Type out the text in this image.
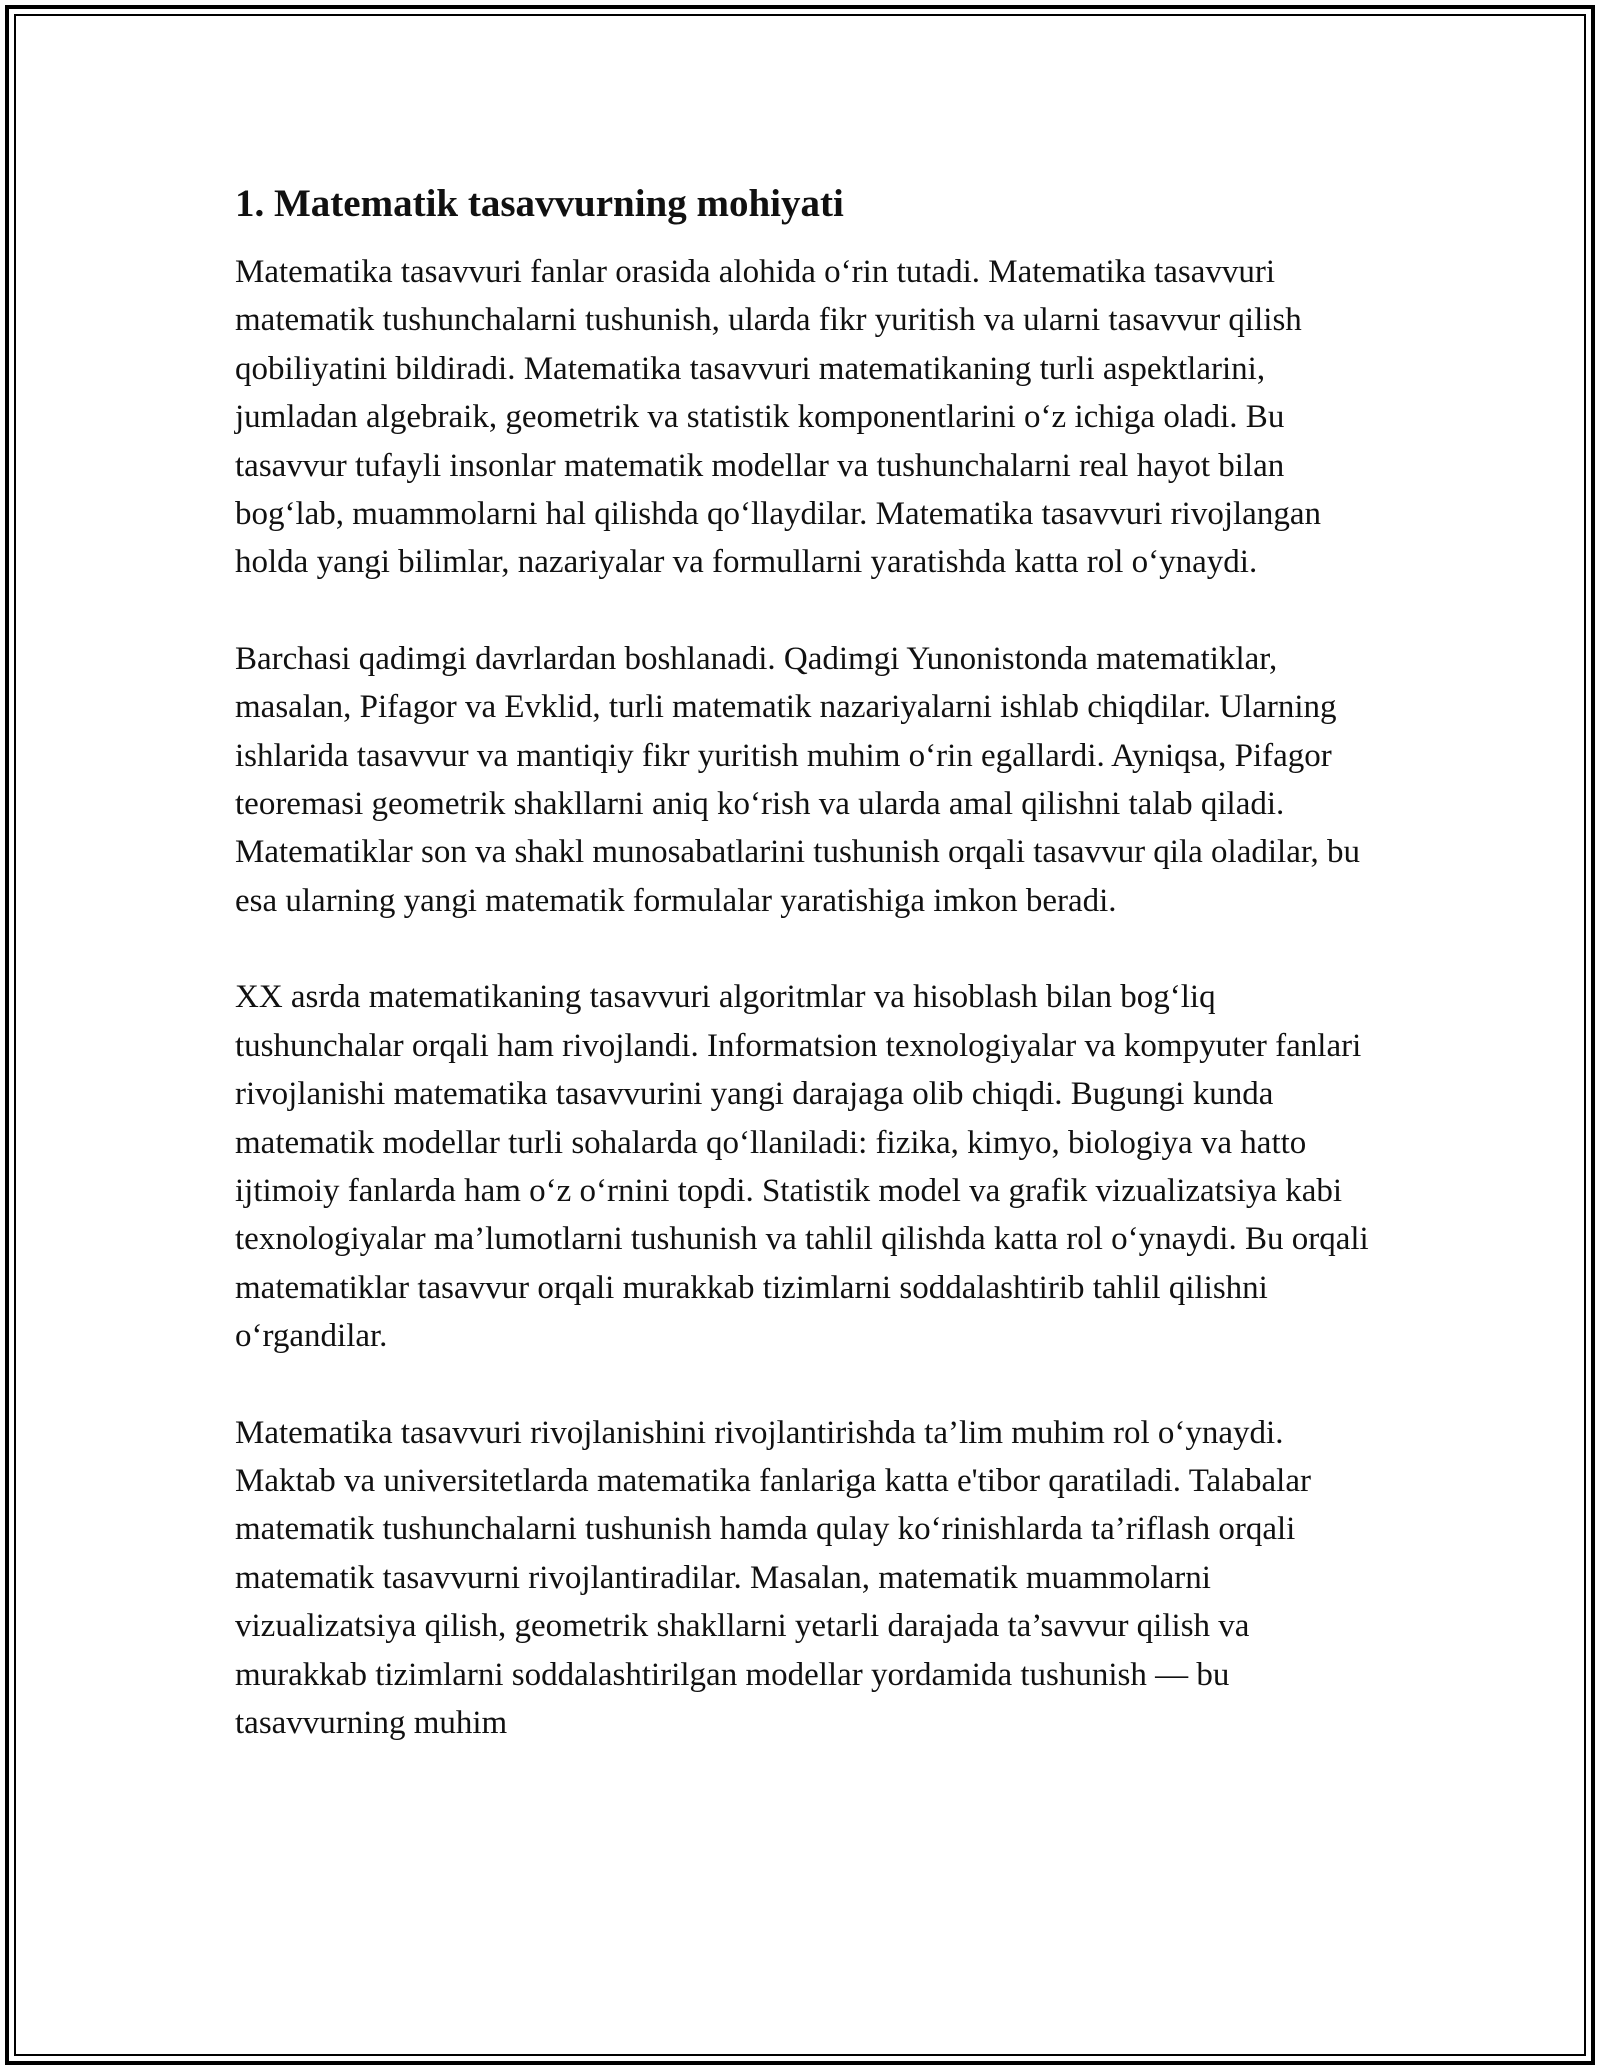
1. Matematik tasavvurning mohiyati

Matematika tasavvuri fanlar orasida alohida o‘rin tutadi. Matematika tasavvuri matematik tushunchalarni tushunish, ularda fikr yuritish va ularni tasavvur qilish qobiliyatini bildiradi. Matematika tasavvuri matematikaning turli aspektlarini, jumladan algebraik, geometrik va statistik komponentlarini o‘z ichiga oladi. Bu tasavvur tufayli insonlar matematik modellar va tushunchalarni real hayot bilan bog‘lab, muammolarni hal qilishda qo‘llaydilar. Matematika tasavvuri rivojlangan holda yangi bilimlar, nazariyalar va formullarni yaratishda katta rol o‘ynaydi.

Barchasi qadimgi davrlardan boshlanadi. Qadimgi Yunonistonda matematiklar, masalan, Pifagor va Evklid, turli matematik nazariyalarni ishlab chiqdilar. Ularning ishlarida tasavvur va mantiqiy fikr yuritish muhim o‘rin egallardi. Ayniqsa, Pifagor teoremasi geometrik shakllarni aniq ko‘rish va ularda amal qilishni talab qiladi. Matematiklar son va shakl munosabatlarini tushunish orqali tasavvur qila oladilar, bu esa ularning yangi matematik formulalar yaratishiga imkon beradi.

XX asrda matematikaning tasavvuri algoritmlar va hisoblash bilan bog‘liq tushunchalar orqali ham rivojlandi. Informatsion texnologiyalar va kompyuter fanlari rivojlanishi matematika tasavvurini yangi darajaga olib chiqdi. Bugungi kunda matematik modellar turli sohalarda qo‘llaniladi: fizika, kimyo, biologiya va hatto ijtimoiy fanlarda ham o‘z o‘rnini topdi. Statistik model va grafik vizualizatsiya kabi texnologiyalar ma’lumotlarni tushunish va tahlil qilishda katta rol o‘ynaydi. Bu orqali matematiklar tasavvur orqali murakkab tizimlarni soddalashtirib tahlil qilishni o‘rgandilar.

Matematika tasavvuri rivojlanishini rivojlantirishda ta’lim muhim rol o‘ynaydi. Maktab va universitetlarda matematika fanlariga katta e'tibor qaratiladi. Talabalar matematik tushunchalarni tushunish hamda qulay ko‘rinishlarda ta’riflash orqali matematik tasavvurni rivojlantiradilar. Masalan, matematik muammolarni vizualizatsiya qilish, geometrik shakllarni yetarli darajada ta’savvur qilish va murakkab tizimlarni soddalashtirilgan modellar yordamida tushunish — bu tasavvurning muhim
